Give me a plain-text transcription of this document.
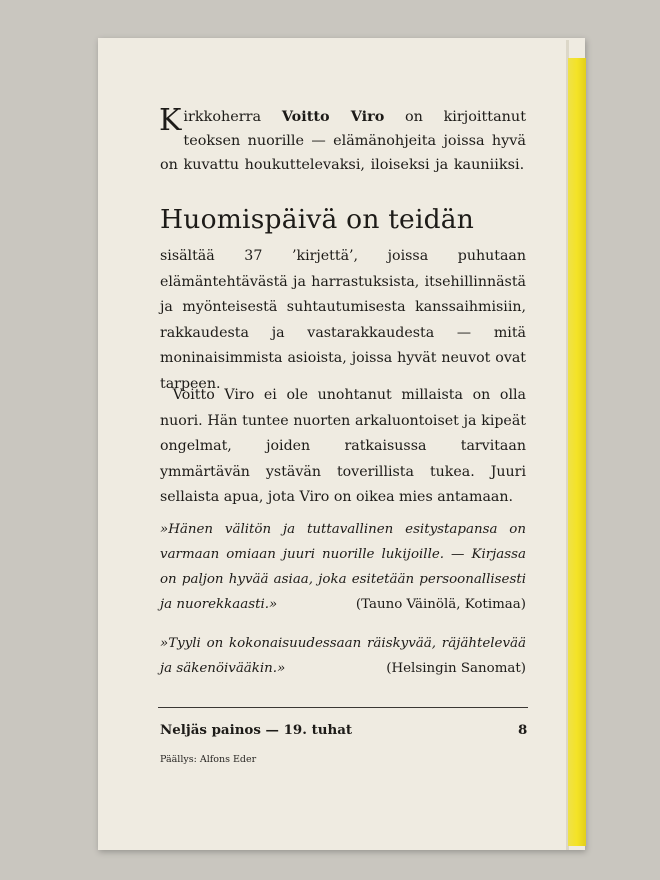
Kirkkoherra Voitto Viro on kirjoittanut teoksen nuorille — elämänohjeita joissa hyvä on kuvattu houkuttelevaksi, iloiseksi ja kauniiksi.
Huomispäivä on teidän
sisältää 37 ’kirjettä’, joissa puhutaan elämäntehtävästä ja harrastuksista, itsehillinnästä ja myönteisestä suhtautumisesta kanssaihmisiin, rakkaudesta ja vastarakkaudesta — mitä moninaisimmista asioista, joissa hyvät neuvot ovat tarpeen.
Voitto Viro ei ole unohtanut millaista on olla nuori. Hän tuntee nuorten arkaluontoiset ja kipeät ongelmat, joiden ratkaisussa tarvitaan ymmärtävän ystävän toverillista tukea. Juuri sellaista apua, jota Viro on oikea mies antamaan.
»Hänen välitön ja tuttavallinen esitystapansa on varmaan omiaan juuri nuorille lukijoille. — Kirjassa on paljon hyvää asiaa, joka esitetään persoonallisesti ja nuorekkaasti.»	(Tauno Väinölä, Kotimaa)
»Tyyli on kokonaisuudessaan räiskyvää, räjähtelevää ja säkenöivääkin.»	(Helsingin Sanomat)
Neljäs painos — 19. tuhat	8
Päällys: Alfons Eder
